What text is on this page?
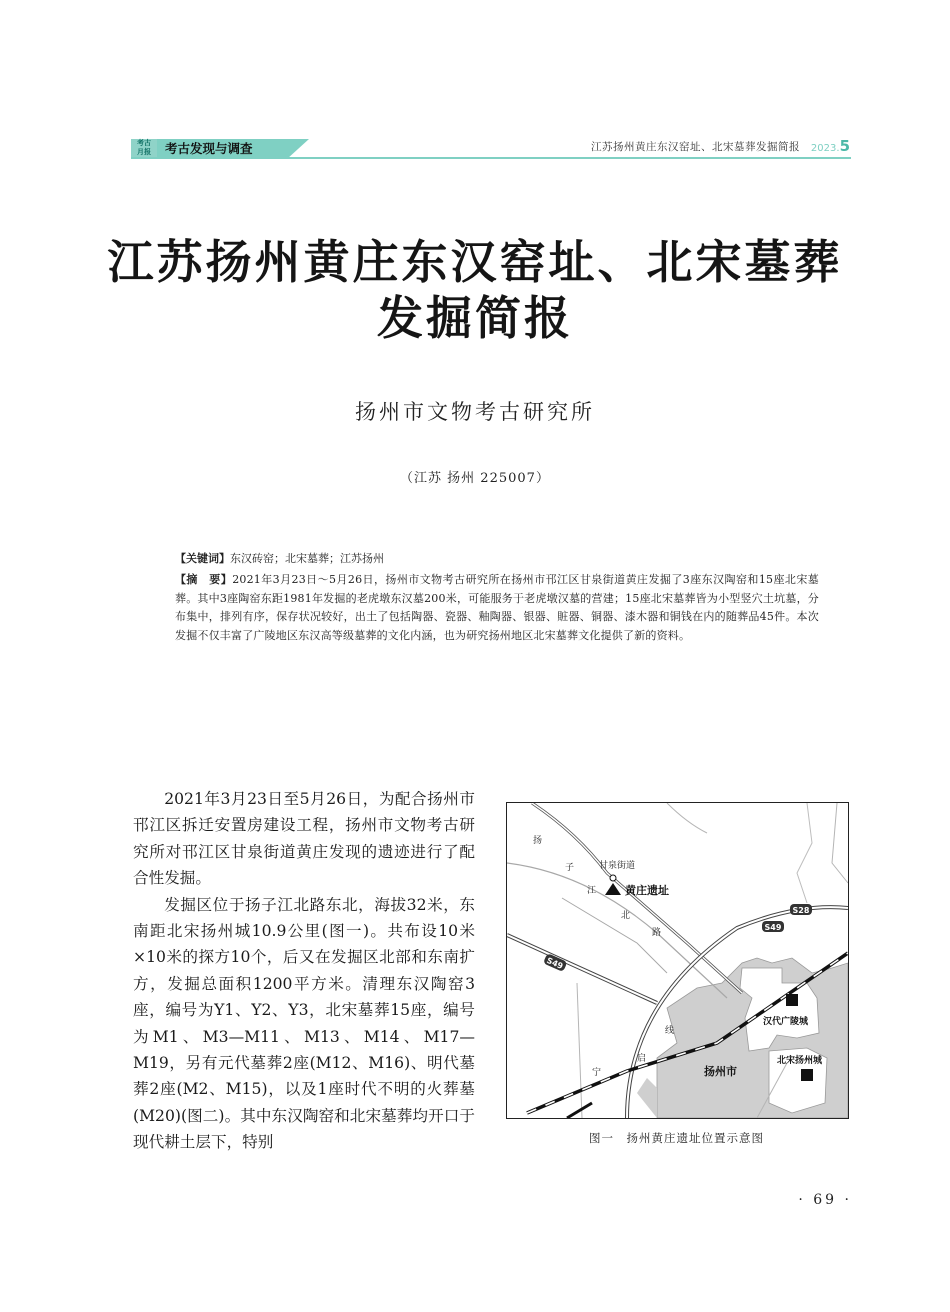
考古
月报	考古发现与调查	江苏扬州黄庄东汉窑址、北宋墓葬发掘简报 2023.5
江苏扬州黄庄东汉窑址、北宋墓葬
发掘简报
扬州市文物考古研究所
（江苏 扬州 225007）
【关键词】东汉砖窑；北宋墓葬；江苏扬州
【摘　要】2021年3月23日～5月26日，扬州市文物考古研究所在扬州市邗江区甘泉街道黄庄发掘了3座东汉陶窑和15座北宋墓葬。其中3座陶窑东距1981年发掘的老虎墩东汉墓200米，可能服务于老虎墩汉墓的营建；15座北宋墓葬皆为小型竖穴土坑墓，分布集中，排列有序，保存状况较好，出土了包括陶器、瓷器、釉陶器、银器、賍器、铜器、漆木器和铜钱在内的随葬品45件。本次发掘不仅丰富了广陵地区东汉高等级墓葬的文化内涵，也为研究扬州地区北宋墓葬文化提供了新的资料。

2021年3月23日至5月26日，为配合扬州市邗江区拆迁安置房建设工程，扬州市文物考古研究所对邗江区甘泉街道黄庄发现的遗迹进行了配合性发掘。

发掘区位于扬子江北路东北，海拔32米，东南距北宋扬州城10.9公里(图一)。共布设10米×10米的探方10个，后又在发掘区北部和东南扩方，发掘总面积1200平方米。清理东汉陶窑3座，编号为Y1、Y2、Y3，北宋墓葬15座，编号为M1、M3—M11、M13、M14、M17—M19，另有元代墓葬2座(M12、M16)、明代墓葬2座(M2、M15)，以及1座时代不明的火葬墓(M20)(图二)。其中东汉陶窑和北宋墓葬均开口于现代耕土层下，特别

S28
S49
S49
扬
子
江
北
路
甘泉街道
宁
启
线
黄庄遗址
扬州市
汉代广陵城
北宋扬州城
图一　扬州黄庄遗址位置示意图
· 69 ·
